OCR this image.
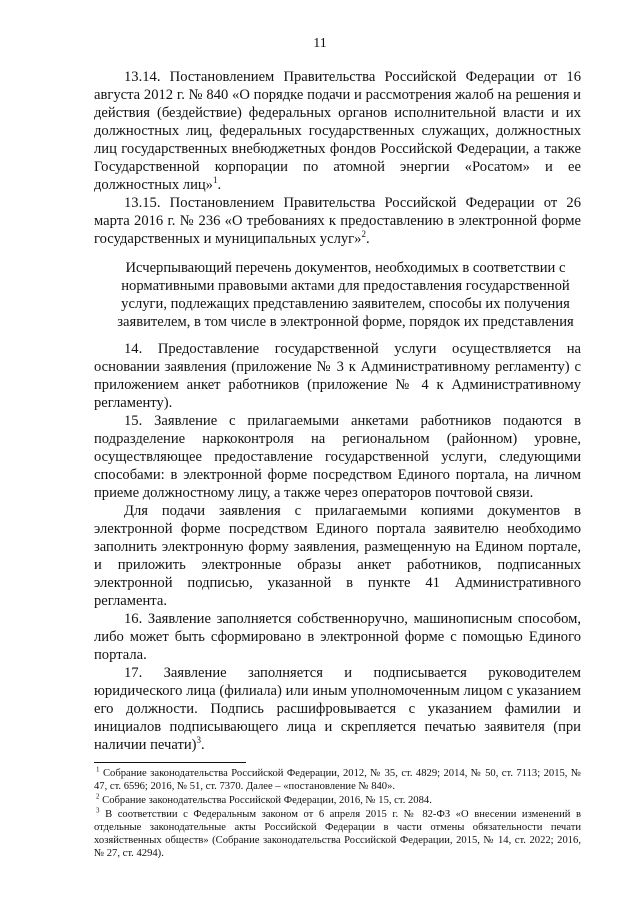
11

13.14. Постановлением Правительства Российской Федерации от 16 августа 2012 г. № 840 «О порядке подачи и рассмотрения жалоб на решения и действия (бездействие) федеральных органов исполнительной власти и их должностных лиц, федеральных государственных служащих, должностных лиц государственных внебюджетных фондов Российской Федерации, а также Государственной корпорации по атомной энергии «Росатом» и ее должностных лиц»$^1$.

13.15. Постановлением Правительства Российской Федерации от 26 марта 2016 г. № 236 «О требованиях к предоставлению в электронной форме государственных и муниципальных услуг»$^2$.

Исчерпывающий перечень документов, необходимых в соответствии с нормативными правовыми актами для предоставления государственной услуги, подлежащих представлению заявителем, способы их получения заявителем, в том числе в электронной форме, порядок их представления

14. Предоставление государственной услуги осуществляется на основании заявления (приложение № 3 к Административному регламенту) с приложением анкет работников (приложение № 4 к Административному регламенту).

15. Заявление с прилагаемыми анкетами работников подаются в подразделение наркоконтроля на региональном (районном) уровне, осуществляющее предоставление государственной услуги, следующими способами: в электронной форме посредством Единого портала, на личном приеме должностному лицу, а также через операторов почтовой связи.

Для подачи заявления с прилагаемыми копиями документов в электронной форме посредством Единого портала заявителю необходимо заполнить электронную форму заявления, размещенную на Едином портале, и приложить электронные образы анкет работников, подписанных электронной подписью, указанной в пункте 41 Административного регламента.

16. Заявление заполняется собственноручно, машинописным способом, либо может быть сформировано в электронной форме с помощью Единого портала.

17. Заявление заполняется и подписывается руководителем юридического лица (филиала) или иным уполномоченным лицом с указанием его должности. Подпись расшифровывается с указанием фамилии и инициалов подписывающего лица и скрепляется печатью заявителя (при наличии печати)$^3$.

$^1$ Собрание законодательства Российской Федерации, 2012, № 35, ст. 4829; 2014, № 50, ст. 7113; 2015, № 47, ст. 6596; 2016, № 51, ст. 7370. Далее – «постановление № 840».

$^2$ Собрание законодательства Российской Федерации, 2016, № 15, ст. 2084.

$^3$ В соответствии с Федеральным законом от 6 апреля 2015 г. № 82-ФЗ «О внесении изменений в отдельные законодательные акты Российской Федерации в части отмены обязательности печати хозяйственных обществ» (Собрание законодательства Российской Федерации, 2015, № 14, ст. 2022; 2016, № 27, ст. 4294).
